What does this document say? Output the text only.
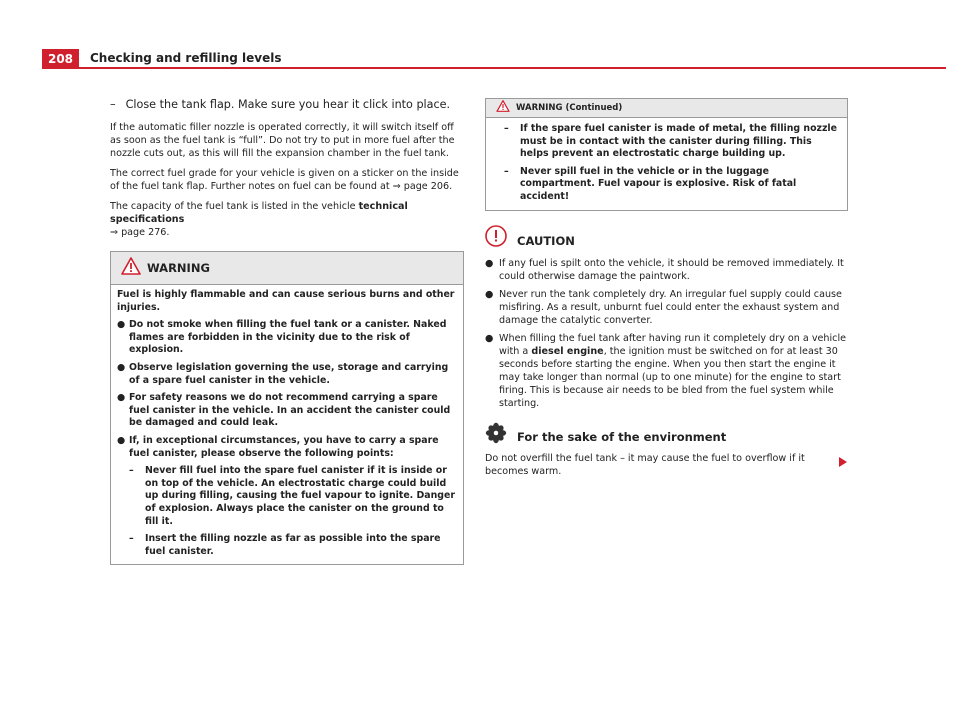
208	Checking and refilling levels
– Close the tank flap. Make sure you hear it click into place.

If the automatic filler nozzle is operated correctly, it will switch itself off as soon as the fuel tank is “full”. Do not try to put in more fuel after the nozzle cuts out, as this will fill the expansion chamber in the fuel tank.

The correct fuel grade for your vehicle is given on a sticker on the inside of the fuel tank flap. Further notes on fuel can be found at ⇒ page 206.

The capacity of the fuel tank is listed in the vehicle technical specifications
⇒ page 276.

WARNING

Fuel is highly flammable and can cause serious burns and other injuries.

● Do not smoke when filling the fuel tank or a canister. Naked flames are forbidden in the vicinity due to the risk of explosion.

● Observe legislation governing the use, storage and carrying of a spare fuel canister in the vehicle.

● For safety reasons we do not recommend carrying a spare fuel canister in the vehicle. In an accident the canister could be damaged and could leak.

● If, in exceptional circumstances, you have to carry a spare fuel canister, please observe the following points:

–	Never fill fuel into the spare fuel canister if it is inside or on top of the vehicle. An electrostatic charge could build up during filling, causing the fuel vapour to ignite. Danger of explosion. Always place the canister on the ground to fill it.

–	Insert the filling nozzle as far as possible into the spare fuel canister.

WARNING (Continued)

–	If the spare fuel canister is made of metal, the filling nozzle must be in contact with the canister during filling. This helps prevent an electrostatic charge building up.

–	Never spill fuel in the vehicle or in the luggage compartment. Fuel vapour is explosive. Risk of fatal accident!

CAUTION

● If any fuel is spilt onto the vehicle, it should be removed immediately. It could otherwise damage the paintwork.

● Never run the tank completely dry. An irregular fuel supply could cause misfiring. As a result, unburnt fuel could enter the exhaust system and damage the catalytic converter.

● When filling the fuel tank after having run it completely dry on a vehicle with a diesel engine, the ignition must be switched on for at least 30 seconds before starting the engine. When you then start the engine it may take longer than normal (up to one minute) for the engine to start firing. This is because air needs to be bled from the fuel system while starting.

For the sake of the environment

Do not overfill the fuel tank – it may cause the fuel to overflow if it becomes warm.
